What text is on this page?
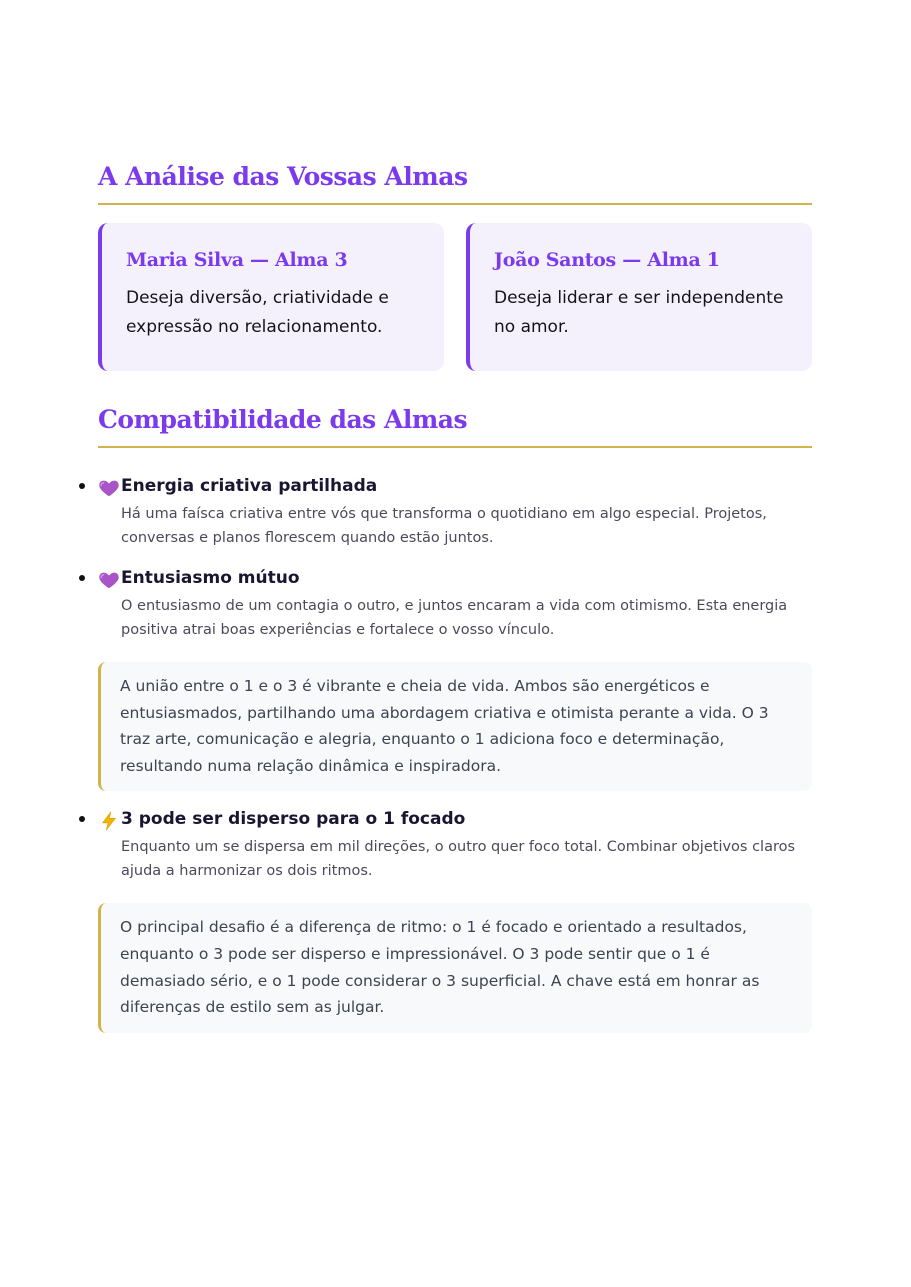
A Análise das Vossas Almas
Maria Silva — Alma 3

Deseja diversão, criatividade e expressão no relacionamento.

João Santos — Alma 1

Deseja liderar e ser independente no amor.

Compatibilidade das Almas

Energia criativa partilhada

Há uma faísca criativa entre vós que transforma o quotidiano em algo especial. Projetos, conversas e planos florescem quando estão juntos.

Entusiasmo mútuo

O entusiasmo de um contagia o outro, e juntos encaram a vida com otimismo. Esta energia positiva atrai boas experiências e fortalece o vosso vínculo.

A união entre o 1 e o 3 é vibrante e cheia de vida. Ambos são energéticos e entusiasmados, partilhando uma abordagem criativa e otimista perante a vida. O 3 traz arte, comunicação e alegria, enquanto o 1 adiciona foco e determinação, resultando numa relação dinâmica e inspiradora.

3 pode ser disperso para o 1 focado

Enquanto um se dispersa em mil direções, o outro quer foco total. Combinar objetivos claros ajuda a harmonizar os dois ritmos.

O principal desafio é a diferença de ritmo: o 1 é focado e orientado a resultados, enquanto o 3 pode ser disperso e impressionável. O 3 pode sentir que o 1 é demasiado sério, e o 1 pode considerar o 3 superficial. A chave está em honrar as diferenças de estilo sem as julgar.
